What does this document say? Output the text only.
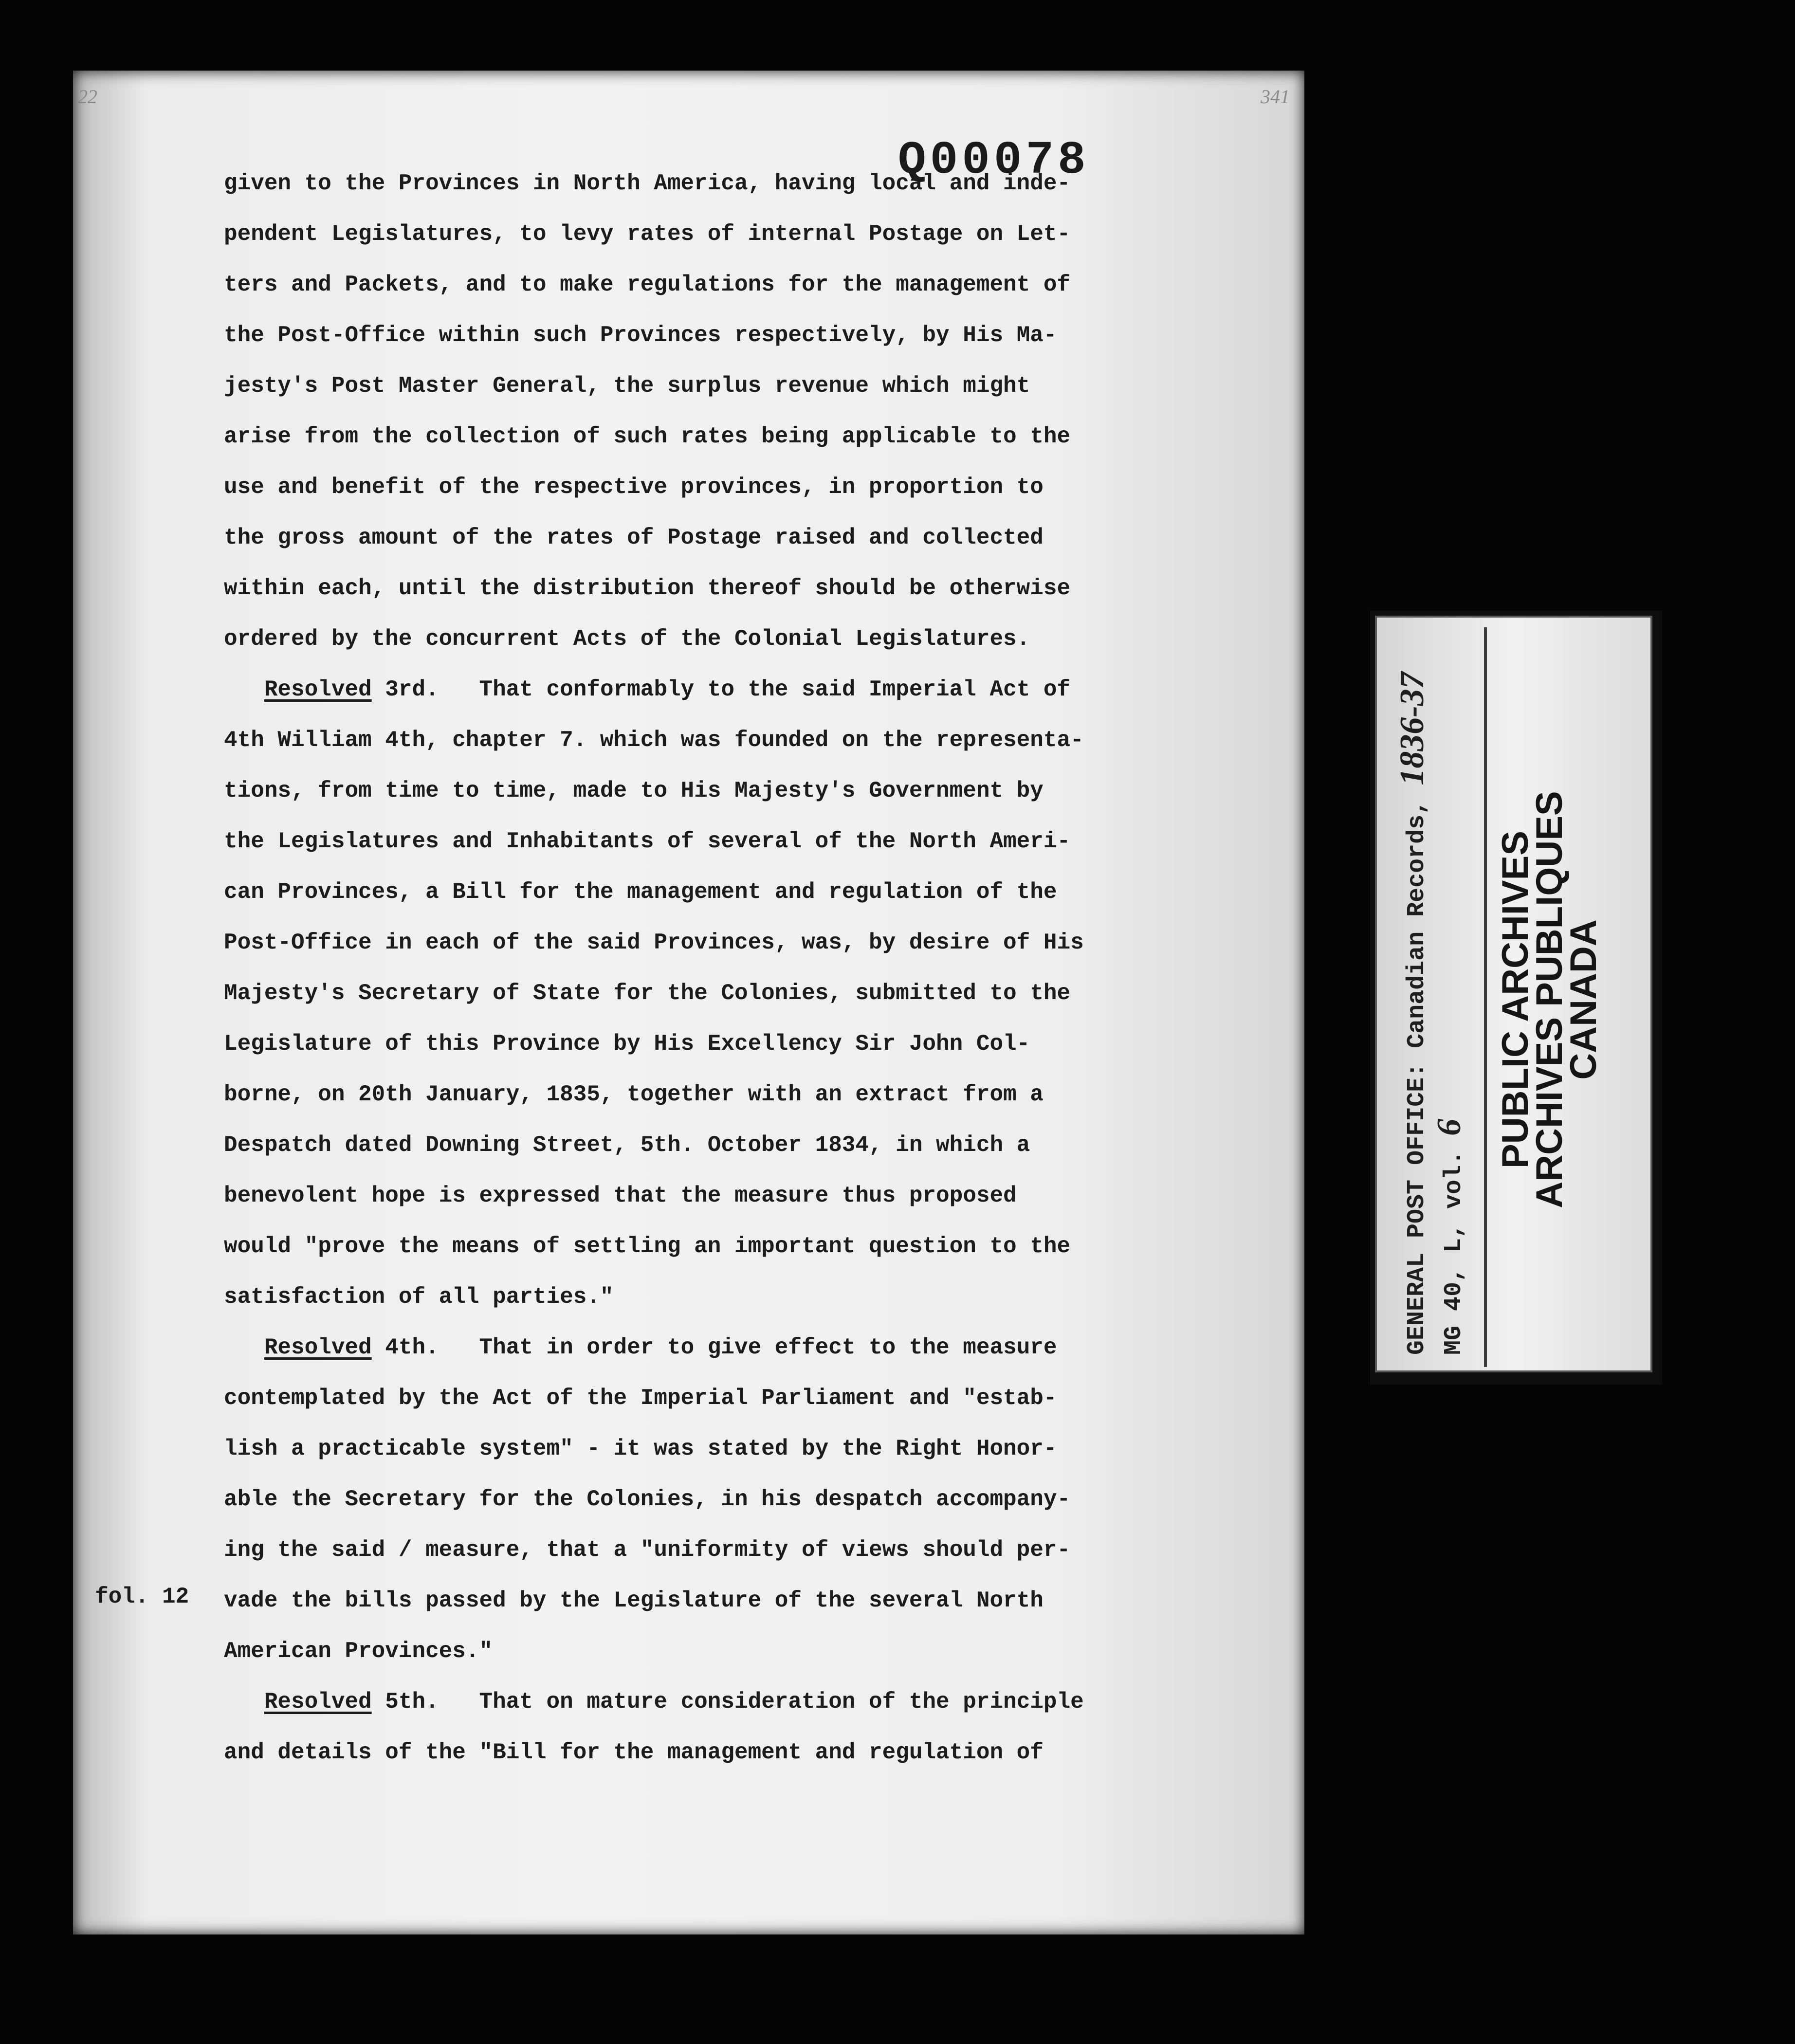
22	341
Q00078
given to the Provinces in North America, having local and inde-
pendent Legislatures, to levy rates of internal Postage on Let-
ters and Packets, and to make regulations for the management of
the Post-Office within such Provinces respectively, by His Ma-
jesty's Post Master General, the surplus revenue which might
arise from the collection of such rates being applicable to the
use and benefit of the respective provinces, in proportion to
the gross amount of the rates of Postage raised and collected
within each, until the distribution thereof should be otherwise
ordered by the concurrent Acts of the Colonial Legislatures.
Resolved 3rd.   That conformably to the said Imperial Act of
4th William 4th, chapter 7. which was founded on the representa-
tions, from time to time, made to His Majesty's Government by
the Legislatures and Inhabitants of several of the North Ameri-
can Provinces, a Bill for the management and regulation of the
Post-Office in each of the said Provinces, was, by desire of His
Majesty's Secretary of State for the Colonies, submitted to the
Legislature of this Province by His Excellency Sir John Col-
borne, on 20th January, 1835, together with an extract from a
Despatch dated Downing Street, 5th. October 1834, in which a
benevolent hope is expressed that the measure thus proposed
would "prove the means of settling an important question to the
satisfaction of all parties."
Resolved 4th.   That in order to give effect to the measure
contemplated by the Act of the Imperial Parliament and "estab-
lish a practicable system" - it was stated by the Right Honor-
able the Secretary for the Colonies, in his despatch accompany-
ing the said / measure, that a "uniformity of views should per-
vade the bills passed by the Legislature of the several North
American Provinces."
Resolved 5th.   That on mature consideration of the principle
and details of the "Bill for the management and regulation of
fol. 12
GENERAL POST OFFICE: Canadian Records, 1836-37
MG 40, L, vol. 6 PUBLIC ARCHIVES
ARCHIVES PUBLIQUES
CANADA
